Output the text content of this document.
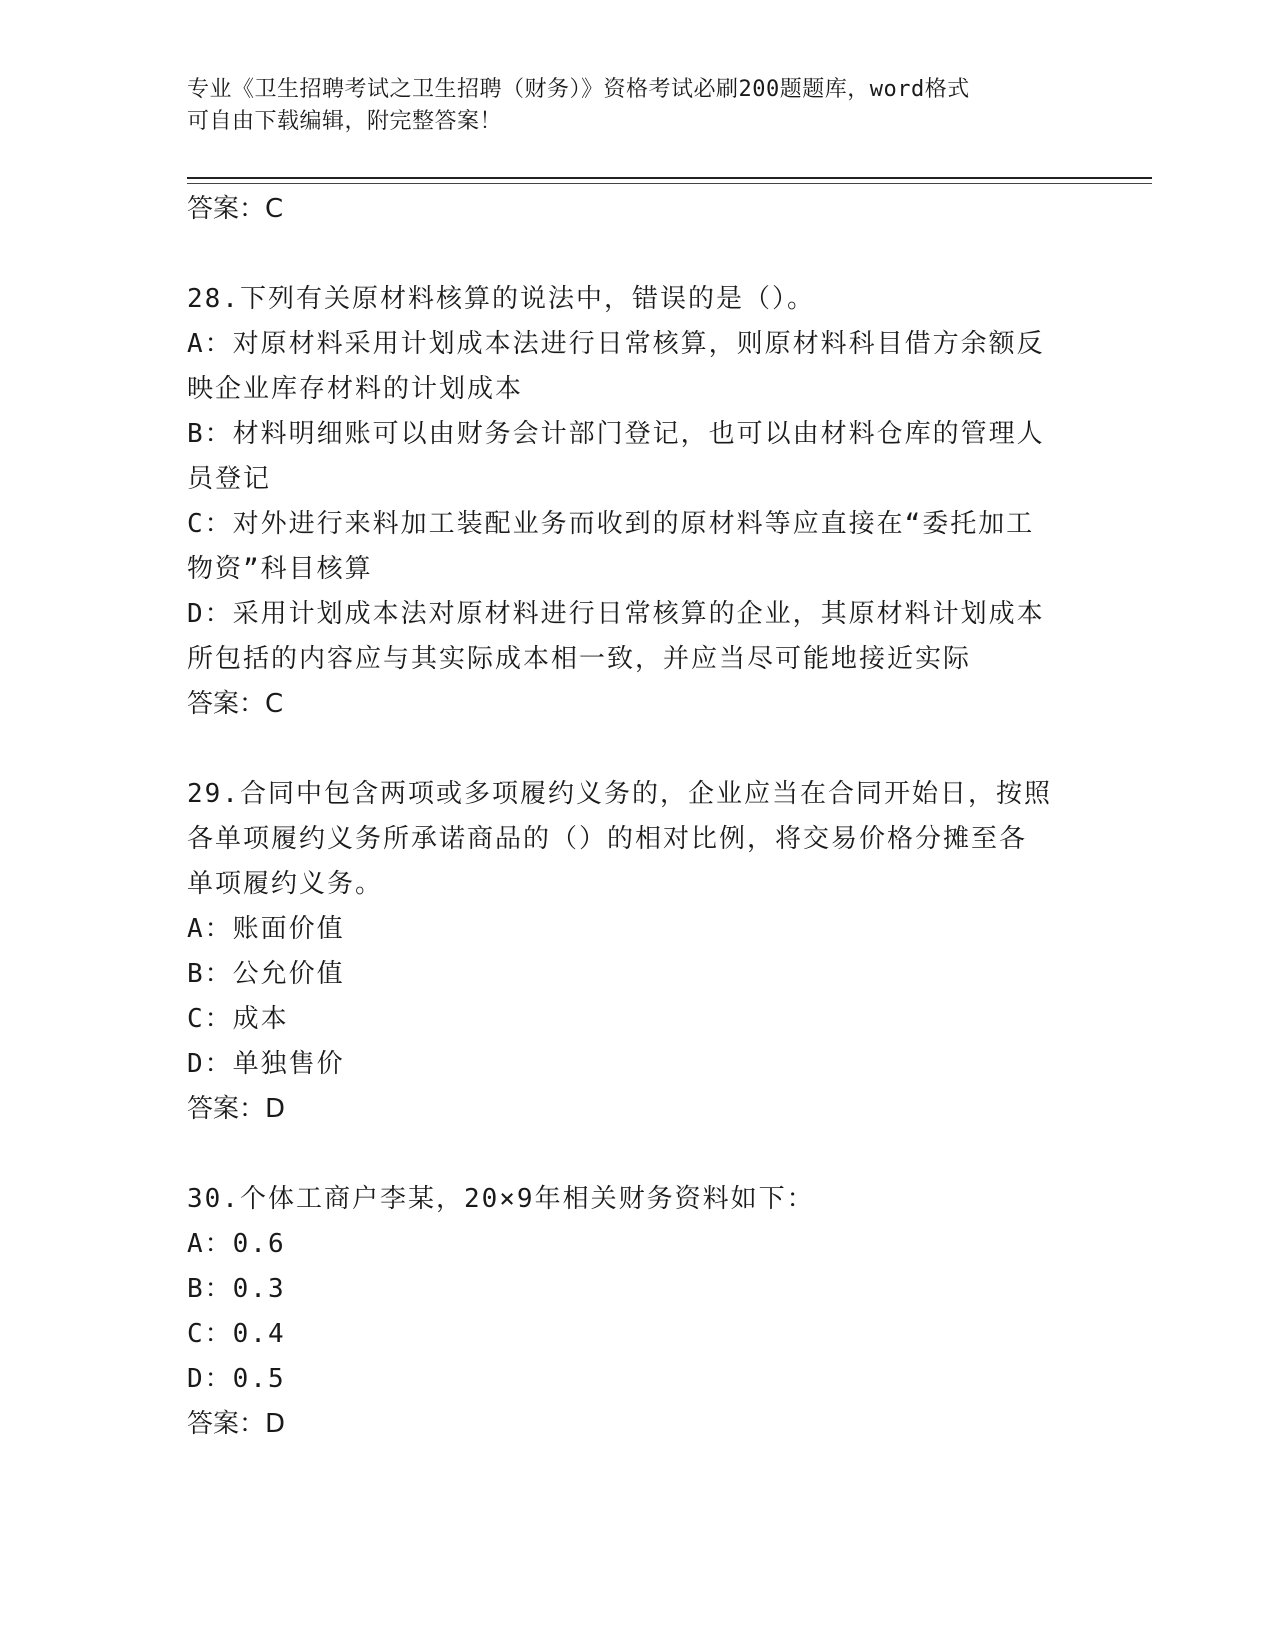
专业《卫生招聘考试之卫生招聘（财务）》资格考试必刷200题题库，word格式
可自由下载编辑，附完整答案！
答案：C
28.下列有关原材料核算的说法中，错误的是（）。
A：对原材料采用计划成本法进行日常核算，则原材料科目借方余额反
映企业库存材料的计划成本
B：材料明细账可以由财务会计部门登记，也可以由材料仓库的管理人
员登记
C：对外进行来料加工装配业务而收到的原材料等应直接在“委托加工
物资”科目核算
D：采用计划成本法对原材料进行日常核算的企业，其原材料计划成本
所包括的内容应与其实际成本相一致，并应当尽可能地接近实际
答案：C
29.合同中包含两项或多项履约义务的，企业应当在合同开始日，按照
各单项履约义务所承诺商品的（）的相对比例，将交易价格分摊至各
单项履约义务。
A：账面价值
B：公允价值
C：成本
D：单独售价
答案：D
30.个体工商户李某，20×9年相关财务资料如下：
A：0.6
B：0.3
C：0.4
D：0.5
答案：D
